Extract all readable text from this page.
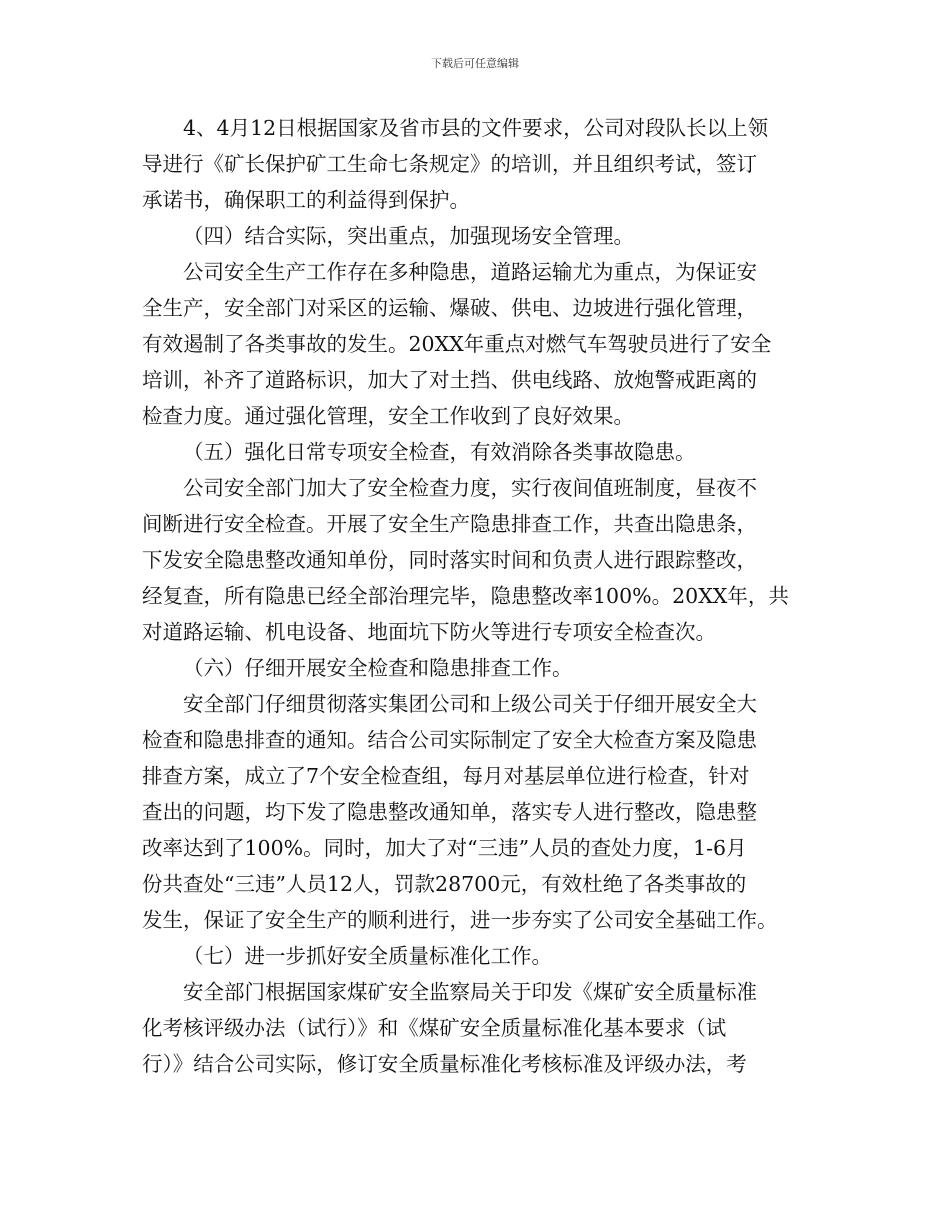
下载后可任意编辑
4、4月12日根据国家及省市县的文件要求，公司对段队长以上领
导进行《矿长保护矿工生命七条规定》的培训，并且组织考试，签订
承诺书，确保职工的利益得到保护。
（四）结合实际，突出重点，加强现场安全管理。
公司安全生产工作存在多种隐患，道路运输尤为重点，为保证安
全生产，安全部门对采区的运输、爆破、供电、边坡进行强化管理，
有效遏制了各类事故的发生。20XX年重点对燃气车驾驶员进行了安全
培训，补齐了道路标识，加大了对土挡、供电线路、放炮警戒距离的
检查力度。通过强化管理，安全工作收到了良好效果。
（五）强化日常专项安全检查，有效消除各类事故隐患。
公司安全部门加大了安全检查力度，实行夜间值班制度，昼夜不
间断进行安全检查。开展了安全生产隐患排查工作，共查出隐患条，
下发安全隐患整改通知单份，同时落实时间和负责人进行跟踪整改，
经复查，所有隐患已经全部治理完毕，隐患整改率100%。20XX年，共
对道路运输、机电设备、地面坑下防火等进行专项安全检查次。
（六）仔细开展安全检查和隐患排查工作。
安全部门仔细贯彻落实集团公司和上级公司关于仔细开展安全大
检查和隐患排查的通知。结合公司实际制定了安全大检查方案及隐患
排查方案，成立了7个安全检查组，每月对基层单位进行检查，针对
查出的问题，均下发了隐患整改通知单，落实专人进行整改，隐患整
改率达到了100%。同时，加大了对“三违”人员的查处力度，1-6月
份共查处“三违”人员12人，罚款28700元，有效杜绝了各类事故的
发生，保证了安全生产的顺利进行，进一步夯实了公司安全基础工作。
（七）进一步抓好安全质量标准化工作。
安全部门根据国家煤矿安全监察局关于印发《煤矿安全质量标准
化考核评级办法（试行）》和《煤矿安全质量标准化基本要求（试
行）》结合公司实际，修订安全质量标准化考核标准及评级办法，考
